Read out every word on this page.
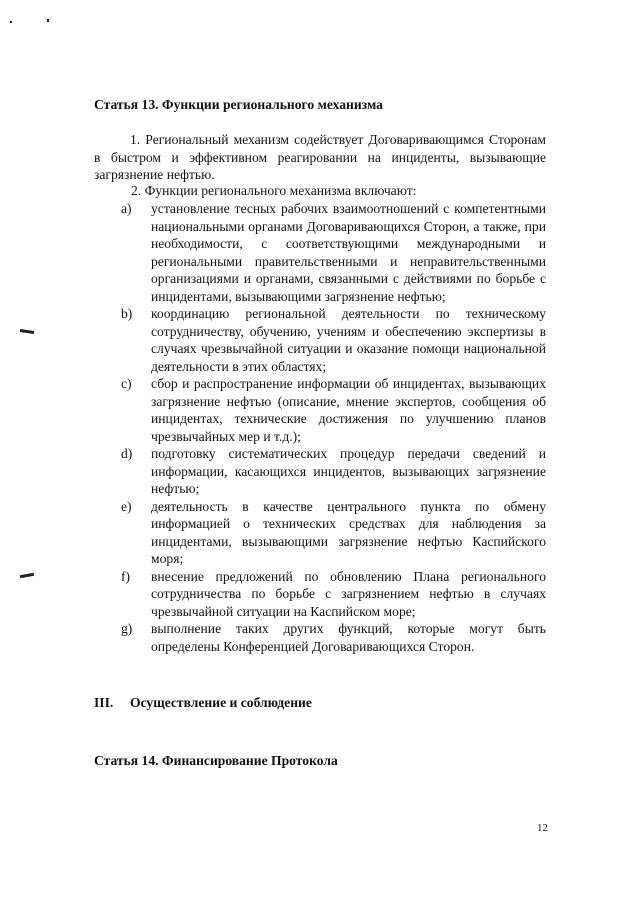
Статья 13. Функции регионального механизма
1. Региональный механизм содействует Договаривающимся Сторонам в быстром и эффективном реагировании на инциденты, вызывающие загрязнение нефтью.
2. Функции регионального механизма включают:
a)	установление тесных рабочих взаимоотношений с компетентными национальными органами Договаривающихся Сторон, а также, при необходимости, с соответствующими международными и региональными правительственными и неправительственными организациями и органами, связанными с действиями по борьбе с инцидентами, вызывающими загрязнение нефтью;
b)	координацию региональной деятельности по техническому сотрудничеству, обучению, учениям и обеспечению экспертизы в случаях чрезвычайной ситуации и оказание помощи национальной деятельности в этих областях;
c)	сбор и распространение информации об инцидентах, вызывающих загрязнение нефтью (описание, мнение экспертов, сообщения об инцидентах, технические достижения по улучшению планов чрезвычайных мер и т.д.);
d)	подготовку систематических процедур передачи сведений и информации, касающихся инцидентов, вызывающих загрязнение нефтью;
e)	деятельность в качестве центрального пункта по обмену информацией о технических средствах для наблюдения за инцидентами, вызывающими загрязнение нефтью Каспийского моря;
f)	внесение предложений по обновлению Плана регионального сотрудничества по борьбе с загрязнением нефтью в случаях чрезвычайной ситуации на Каспийском море;
g)	выполнение таких других функций, которые могут быть определены Конференцией Договаривающихся Сторон.
III. Осуществление и соблюдение
Статья 14. Финансирование Протокола
12
